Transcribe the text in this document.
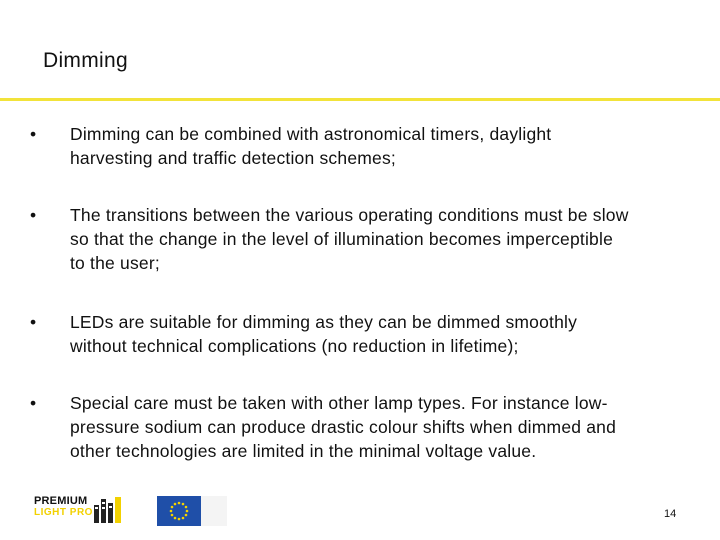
Dimming
• Dimming can be combined with astronomical timers, daylight
harvesting and traffic detection schemes;
• The transitions between the various operating conditions must be slow
so that the change in the level of illumination becomes imperceptible
to the user;
• LEDs are suitable for dimming as they can be dimmed smoothly
without technical complications (no reduction in lifetime);
• Special care must be taken with other lamp types. For instance low-
pressure sodium can produce drastic colour shifts when dimmed and
other technologies are limited in the minimal voltage value.
PREMIUM
LIGHT PRO	14
